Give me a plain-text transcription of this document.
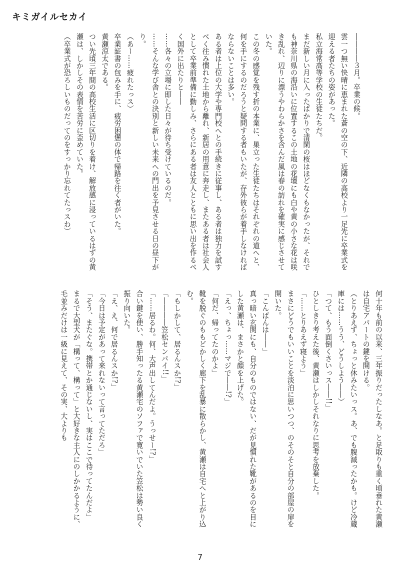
キミガイルセカイ

――――３月。卒業の候。

雲一つ無い快晴に恵まれた蒼の空の下、近隣の高校より一足先に卒業式を迎える者たちの姿があった。

私立海常高等学校の生徒たちだ。

まだ新しい月に入ったばかりで清閑の桜はほどなくもなかったが、それでも神奈川県の海沿いに位置するこの土地の花壇にも白や黄の小さな花は咲き乱れ、辺りに漂うやわらかさを含んだ風は春の訪れを確実に感じさせていた。

この冬の感覚を残す折の本業に、巣立った生徒たちはそれぞれの道へと、何を手にするのだろうと疑問する者もいたが、存外彼らが着手しなければならないことは多い。

ある者は上位の大学や専門校へとの手続きに従事し、ある者は独力を試すべく往み慣れた土地から離れ、新居の用意に奔走し、またある者は社会人として卒業前準備に勤しみ、さらにある者は友人とともに思い出を作るべく国外に出たりと――

……各々の立場に即した日々が待ち受けているのだ。

……そんな学び舎との決別と新しい未来への門出を予見させる日の昼下がり。

（あー……疲れたっス）

卒業証書の包みを手に、疲労困憊の体で帰路を往く者がいた。

黄瀬涼太である。

つい先頃三年間の高校生活に区切りを着け、解放感に浸っているはずの黄瀬は、しかしその表情を苦労に歪めていた。

（卒業式が恐ろしいものだってのをすっかり忘れてたっスわ）

何十年も前の以来、三年振りだったしなあ。と足取りも重く頃垂れた黄瀬は自宅アパートの鍵を開ける。

（とりあえず、ちょっと休みたいっス。あ、でも腹減ったかも。けど冷蔵庫には……うう、どうしよう――）

「つて、もう面倒くさいっス――!!」

ひとしきり考えた後、黄瀬はしかしそれなりに思考を放棄した。

「……とりあえず寝よう」

まさにどうでもいいことを淡泊に思いつつ、のそのそと自分の部屋の扉を開いた。

「こんばんは――」

真っ暗い玄関にも、自分のものではない、だが見慣れた靴があるのを目にした黄瀬は、まさかと顔を上げた。

「えっ、ちょっ……マジで――!?」

「何だ、帰ってたのかよ」

靴を脱ぐのももどかしく廊下を乱暴に散らかし、黄瀬は自宅へと上がり込む。

「もしかして、居るんスか!?」

「――――笠松センパイ!!」

「……居るわ。何、大声出してんだよ。うっせー!?」

合い鍵を使い、勝手知ったる黄瀬宅のソファで寛いでいた笠松は勢い良く振り向いた。

「え、え、何で居るんスか!?」

「今日は予定があって来れないって言ってただろ」

「そう、またぐな。携帯とか通じないし、実はここで待ってたんだよ」

まるで大型犬が「構って、構って」と大好きな主人にのしかかるように、毛並みだけは一級に見えて、その実、大よりも

7
